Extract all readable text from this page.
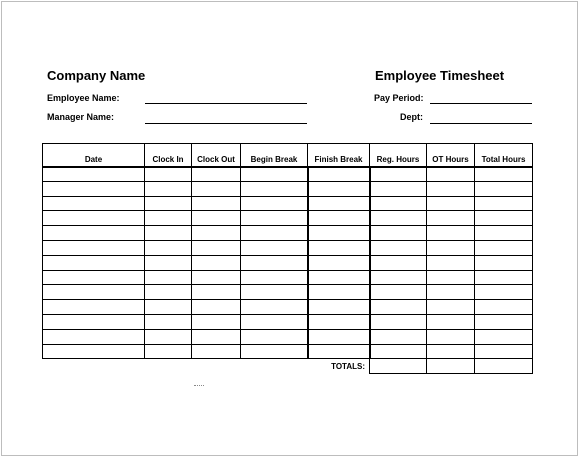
Company Name	Employee Timesheet
Employee Name:
Manager Name:
Pay Period:
Dept:
Date	Clock In	Clock Out	Begin Break	Finish Break	Reg. Hours	OT Hours	Total Hours

				TOTALS:			
